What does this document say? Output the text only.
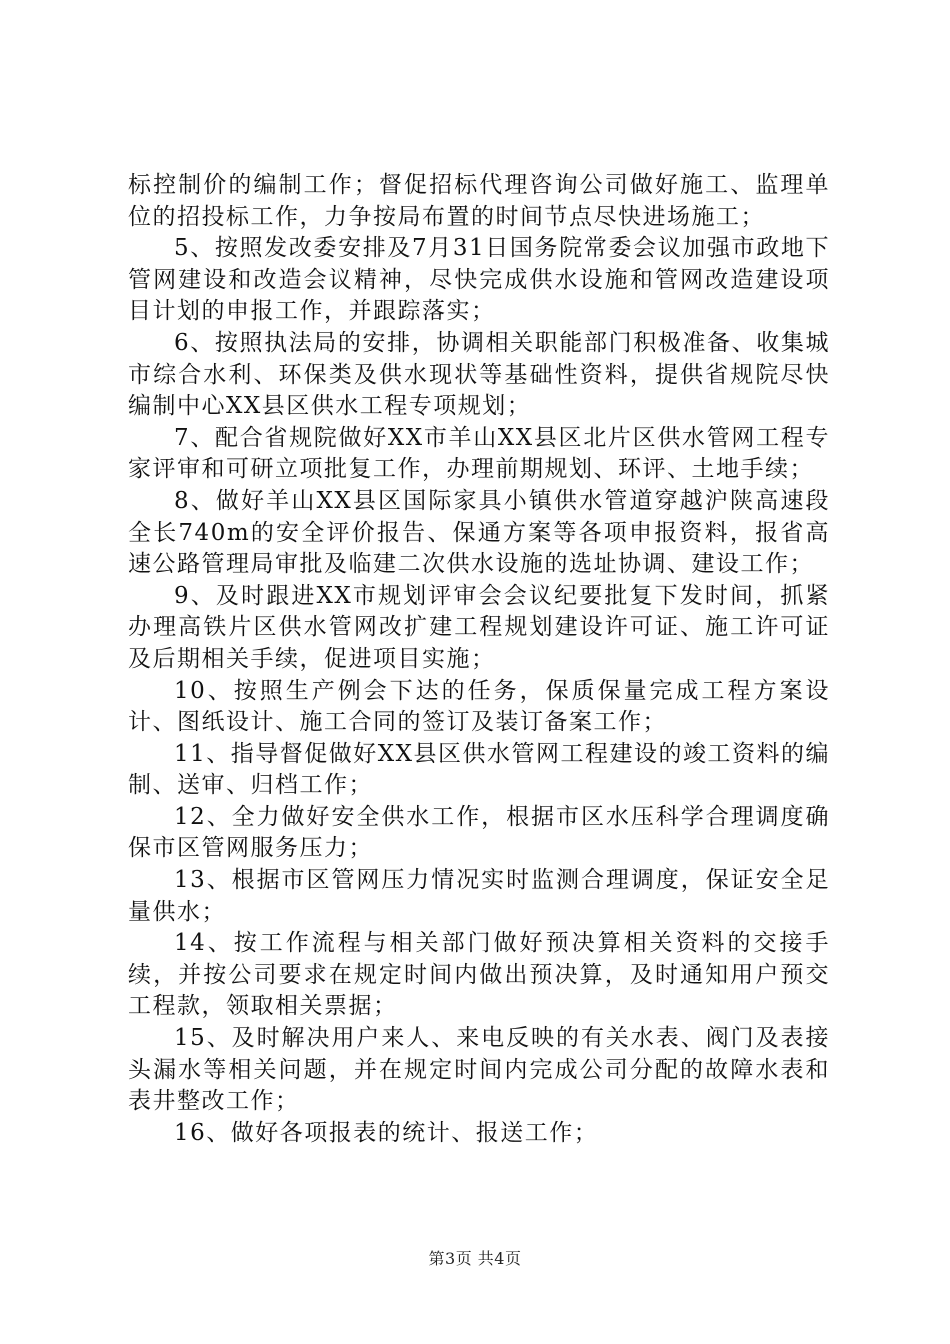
标控制价的编制工作；督促招标代理咨询公司做好施工、监理单位的招投标工作，力争按局布置的时间节点尽快进场施工；

5、按照发改委安排及7月31日国务院常委会议加强市政地下管网建设和改造会议精神，尽快完成供水设施和管网改造建设项目计划的申报工作，并跟踪落实；

6、按照执法局的安排，协调相关职能部门积极准备、收集城市综合水利、环保类及供水现状等基础性资料，提供省规院尽快编制中心XX县区供水工程专项规划；

7、配合省规院做好XX市羊山XX县区北片区供水管网工程专家评审和可研立项批复工作，办理前期规划、环评、土地手续；

8、做好羊山XX县区国际家具小镇供水管道穿越沪陕高速段全长740m的安全评价报告、保通方案等各项申报资料，报省高速公路管理局审批及临建二次供水设施的选址协调、建设工作；

9、及时跟进XX市规划评审会会议纪要批复下发时间，抓紧办理高铁片区供水管网改扩建工程规划建设许可证、施工许可证及后期相关手续，促进项目实施；

10、按照生产例会下达的任务，保质保量完成工程方案设计、图纸设计、施工合同的签订及装订备案工作；

11、指导督促做好XX县区供水管网工程建设的竣工资料的编制、送审、归档工作；

12、全力做好安全供水工作，根据市区水压科学合理调度确保市区管网服务压力；

13、根据市区管网压力情况实时监测合理调度，保证安全足量供水；

14、按工作流程与相关部门做好预决算相关资料的交接手续，并按公司要求在规定时间内做出预决算，及时通知用户预交工程款，领取相关票据；

15、及时解决用户来人、来电反映的有关水表、阀门及表接头漏水等相关问题，并在规定时间内完成公司分配的故障水表和表井整改工作；

16、做好各项报表的统计、报送工作；

第3页 共4页
